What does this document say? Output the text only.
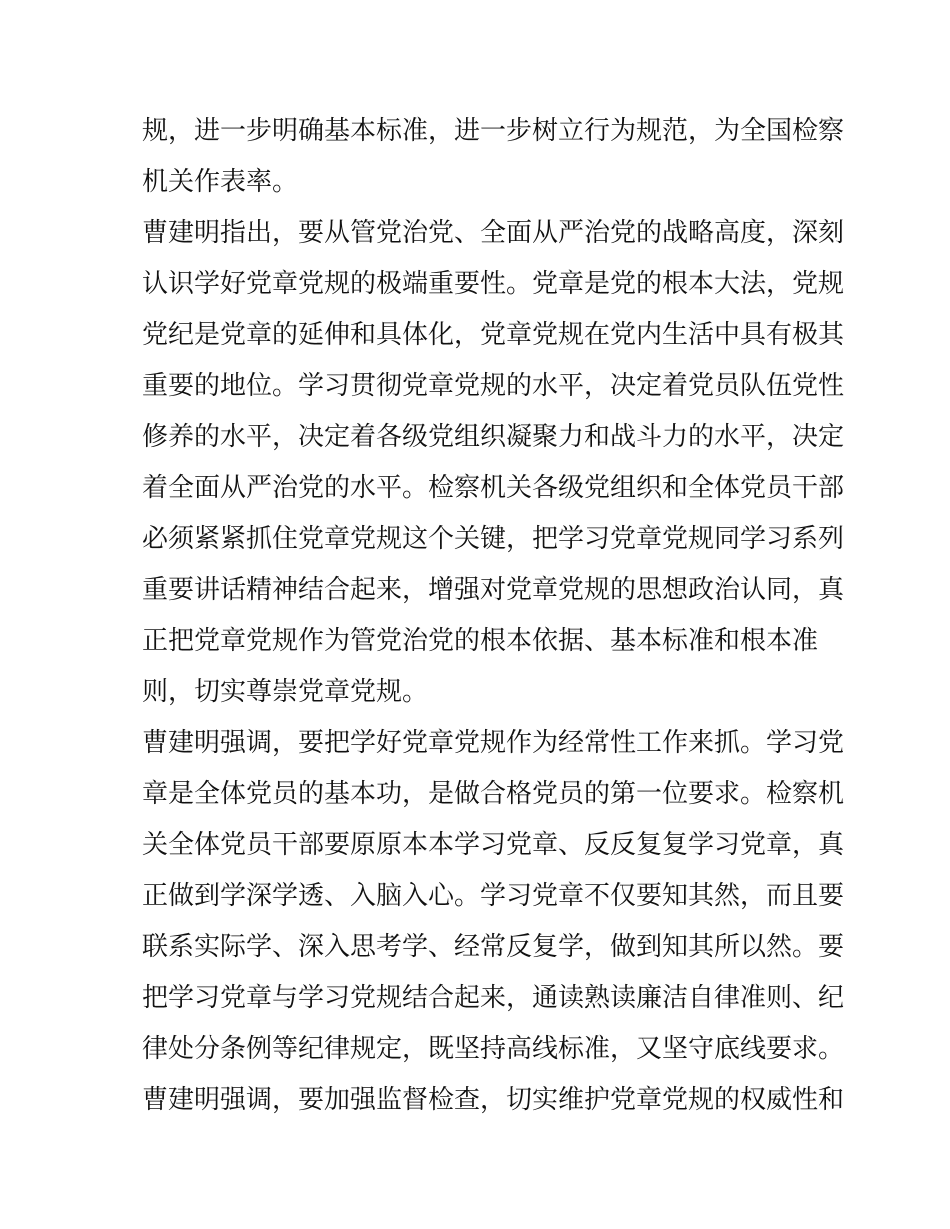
规，进一步明确基本标准，进一步树立行为规范，为全国检察
机关作表率。
曹建明指出，要从管党治党、全面从严治党的战略高度，深刻
认识学好党章党规的极端重要性。党章是党的根本大法，党规
党纪是党章的延伸和具体化，党章党规在党内生活中具有极其
重要的地位。学习贯彻党章党规的水平，决定着党员队伍党性
修养的水平，决定着各级党组织凝聚力和战斗力的水平，决定
着全面从严治党的水平。检察机关各级党组织和全体党员干部
必须紧紧抓住党章党规这个关键，把学习党章党规同学习系列
重要讲话精神结合起来，增强对党章党规的思想政治认同，真
正把党章党规作为管党治党的根本依据、基本标准和根本准
则，切实尊崇党章党规。
曹建明强调，要把学好党章党规作为经常性工作来抓。学习党
章是全体党员的基本功，是做合格党员的第一位要求。检察机
关全体党员干部要原原本本学习党章、反反复复学习党章，真
正做到学深学透、入脑入心。学习党章不仅要知其然，而且要
联系实际学、深入思考学、经常反复学，做到知其所以然。要
把学习党章与学习党规结合起来，通读熟读廉洁自律准则、纪
律处分条例等纪律规定，既坚持高线标准，又坚守底线要求。
曹建明强调，要加强监督检查，切实维护党章党规的权威性和
